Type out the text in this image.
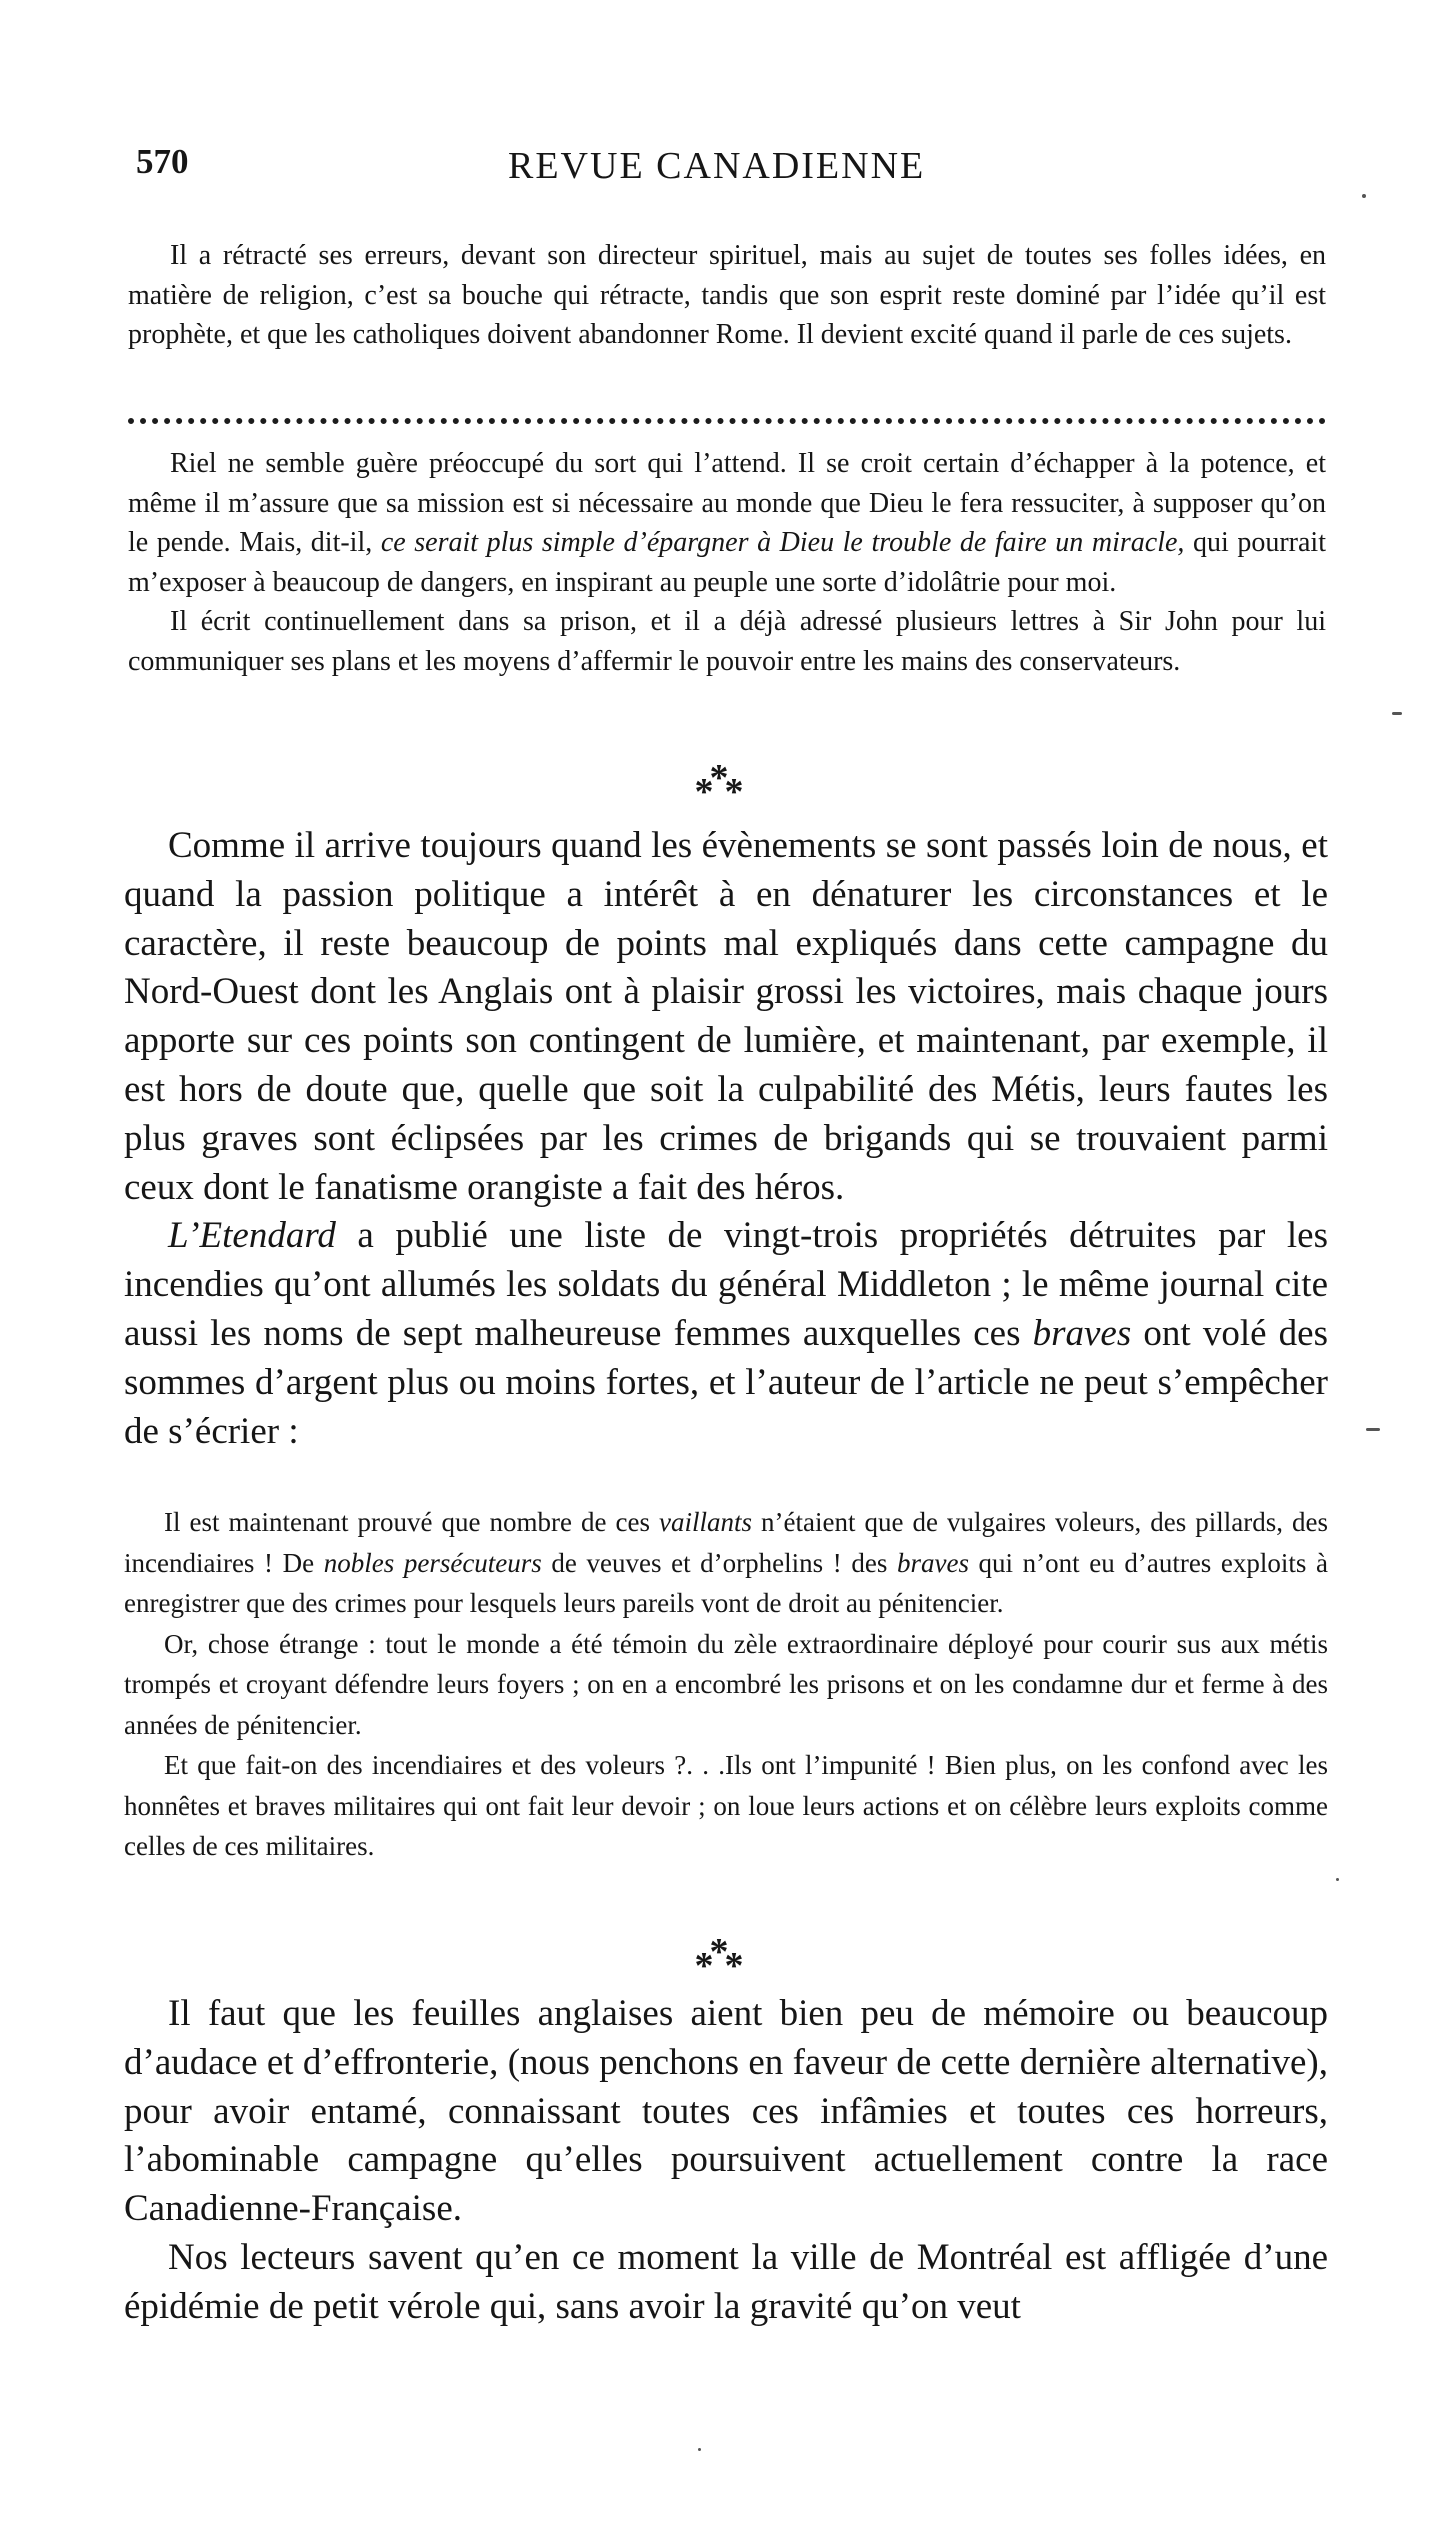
570	REVUE CANADIENNE

Il a rétracté ses erreurs, devant son directeur spirituel, mais au sujet de toutes ses folles idées, en matière de religion, c’est sa bouche qui rétracte, tandis que son esprit reste dominé par l’idée qu’il est prophète, et que les catholiques doivent abandonner Rome. Il devient excité quand il parle de ces sujets.

Riel ne semble guère préoccupé du sort qui l’attend. Il se croit certain d’échapper à la potence, et même il m’assure que sa mission est si nécessaire au monde que Dieu le fera ressuciter, à supposer qu’on le pende. Mais, dit-il, ce serait plus simple d’épargner à Dieu le trouble de faire un miracle, qui pourrait m’exposer à beaucoup de dangers, en inspirant au peuple une sorte d’idolâtrie pour moi.

Il écrit continuellement dans sa prison, et il a déjà adressé plusieurs lettres à Sir John pour lui communiquer ses plans et les moyens d’affermir le pouvoir entre les mains des conservateurs.

***

Comme il arrive toujours quand les évènements se sont passés loin de nous, et quand la passion politique a intérêt à en dénaturer les circonstances et le caractère, il reste beaucoup de points mal expliqués dans cette campagne du Nord-Ouest dont les Anglais ont à plaisir grossi les victoires, mais chaque jours apporte sur ces points son contingent de lumière, et maintenant, par exemple, il est hors de doute que, quelle que soit la culpabilité des Métis, leurs fautes les plus graves sont éclipsées par les crimes de brigands qui se trouvaient parmi ceux dont le fanatisme orangiste a fait des héros.

L’Etendard a publié une liste de vingt-trois propriétés détruites par les incendies qu’ont allumés les soldats du général Middleton ; le même journal cite aussi les noms de sept malheureuse femmes auxquelles ces braves ont volé des sommes d’argent plus ou moins fortes, et l’auteur de l’article ne peut s’empêcher de s’écrier :

Il est maintenant prouvé que nombre de ces vaillants n’étaient que de vulgaires voleurs, des pillards, des incendiaires ! De nobles persécuteurs de veuves et d’orphelins ! des braves qui n’ont eu d’autres exploits à enregistrer que des crimes pour lesquels leurs pareils vont de droit au pénitencier.

Or, chose étrange : tout le monde a été témoin du zèle extraordinaire déployé pour courir sus aux métis trompés et croyant défendre leurs foyers ; on en a encombré les prisons et on les condamne dur et ferme à des années de pénitencier.

Et que fait-on des incendiaires et des voleurs ?. . .Ils ont l’impunité ! Bien plus, on les confond avec les honnêtes et braves militaires qui ont fait leur devoir ; on loue leurs actions et on célèbre leurs exploits comme celles de ces militaires.

***

Il faut que les feuilles anglaises aient bien peu de mémoire ou beaucoup d’audace et d’effronterie, (nous penchons en faveur de cette dernière alternative), pour avoir entamé, connaissant toutes ces infâmies et toutes ces horreurs, l’abominable campagne qu’elles poursuivent actuellement contre la race Canadienne-Française.

Nos lecteurs savent qu’en ce moment la ville de Montréal est affligée d’une épidémie de petit vérole qui, sans avoir la gravité qu’on veut
